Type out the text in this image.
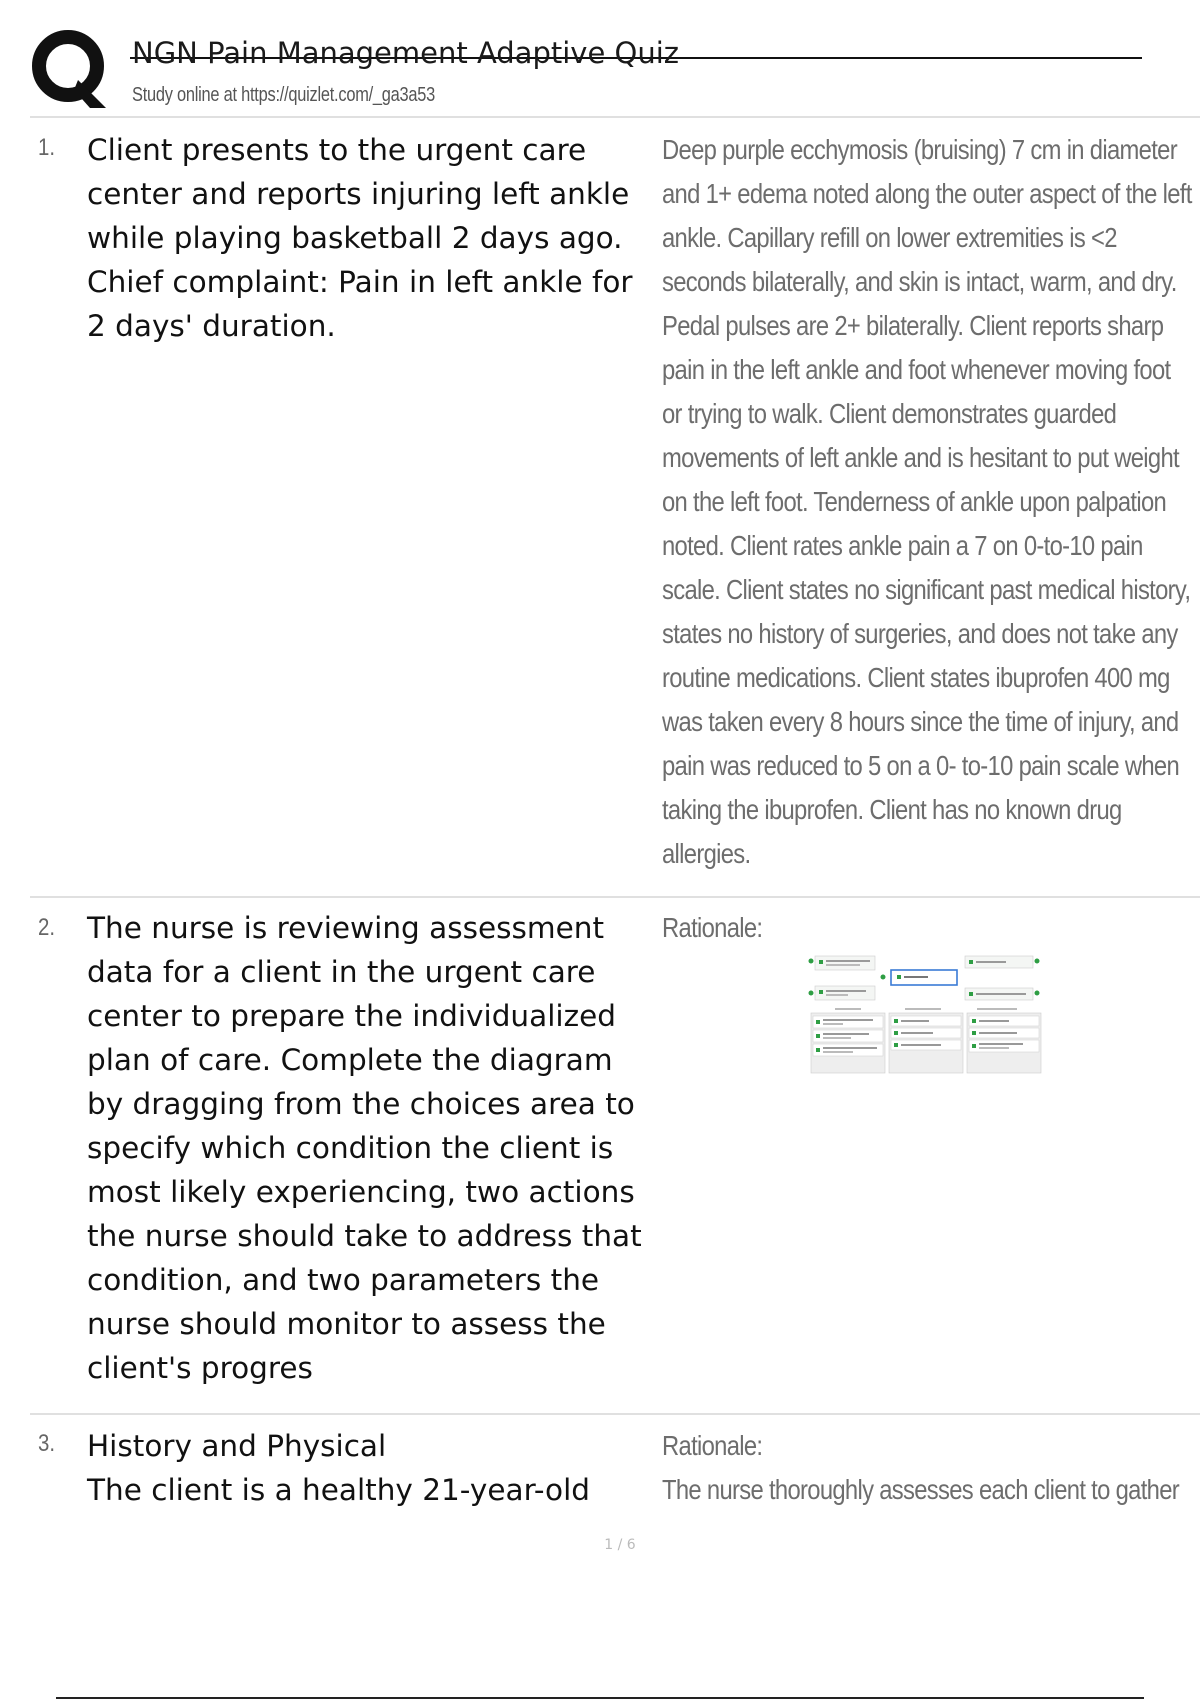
NGN Pain Management Adaptive Quiz
Study online at https://quizlet.com/_ga3a53
1. Client presents to the urgent care center and reports injuring left ankle while playing basketball 2 days ago. Chief complaint: Pain in left ankle for 2 days' duration.
Deep purple ecchymosis (bruising) 7 cm in diameter and 1+ edema noted along the outer aspect of the left ankle. Capillary refill on lower extremities is <2 seconds bilaterally, and skin is intact, warm, and dry. Pedal pulses are 2+ bilaterally. Client reports sharp pain in the left ankle and foot whenever moving foot or trying to walk. Client demonstrates guarded movements of left ankle and is hesitant to put weight on the left foot. Tenderness of ankle upon palpation noted. Client rates ankle pain a 7 on 0-to-10 pain scale. Client states no significant past medical history, states no history of surgeries, and does not take any routine medications. Client states ibuprofen 400 mg was taken every 8 hours since the time of injury, and pain was reduced to 5 on a 0- to-10 pain scale when taking the ibuprofen. Client has no known drug allergies.
2. The nurse is reviewing assessment data for a client in the urgent care center to prepare the individualized plan of care. Complete the diagram by dragging from the choices area to specify which condition the client is most likely experiencing, two actions the nurse should take to address that condition, and two parameters the nurse should monitor to assess the client's progres
Rationale:
3. History and Physical
The client is a healthy 21-year-old
Rationale:
The nurse thoroughly assesses each client to gather
1 / 6
